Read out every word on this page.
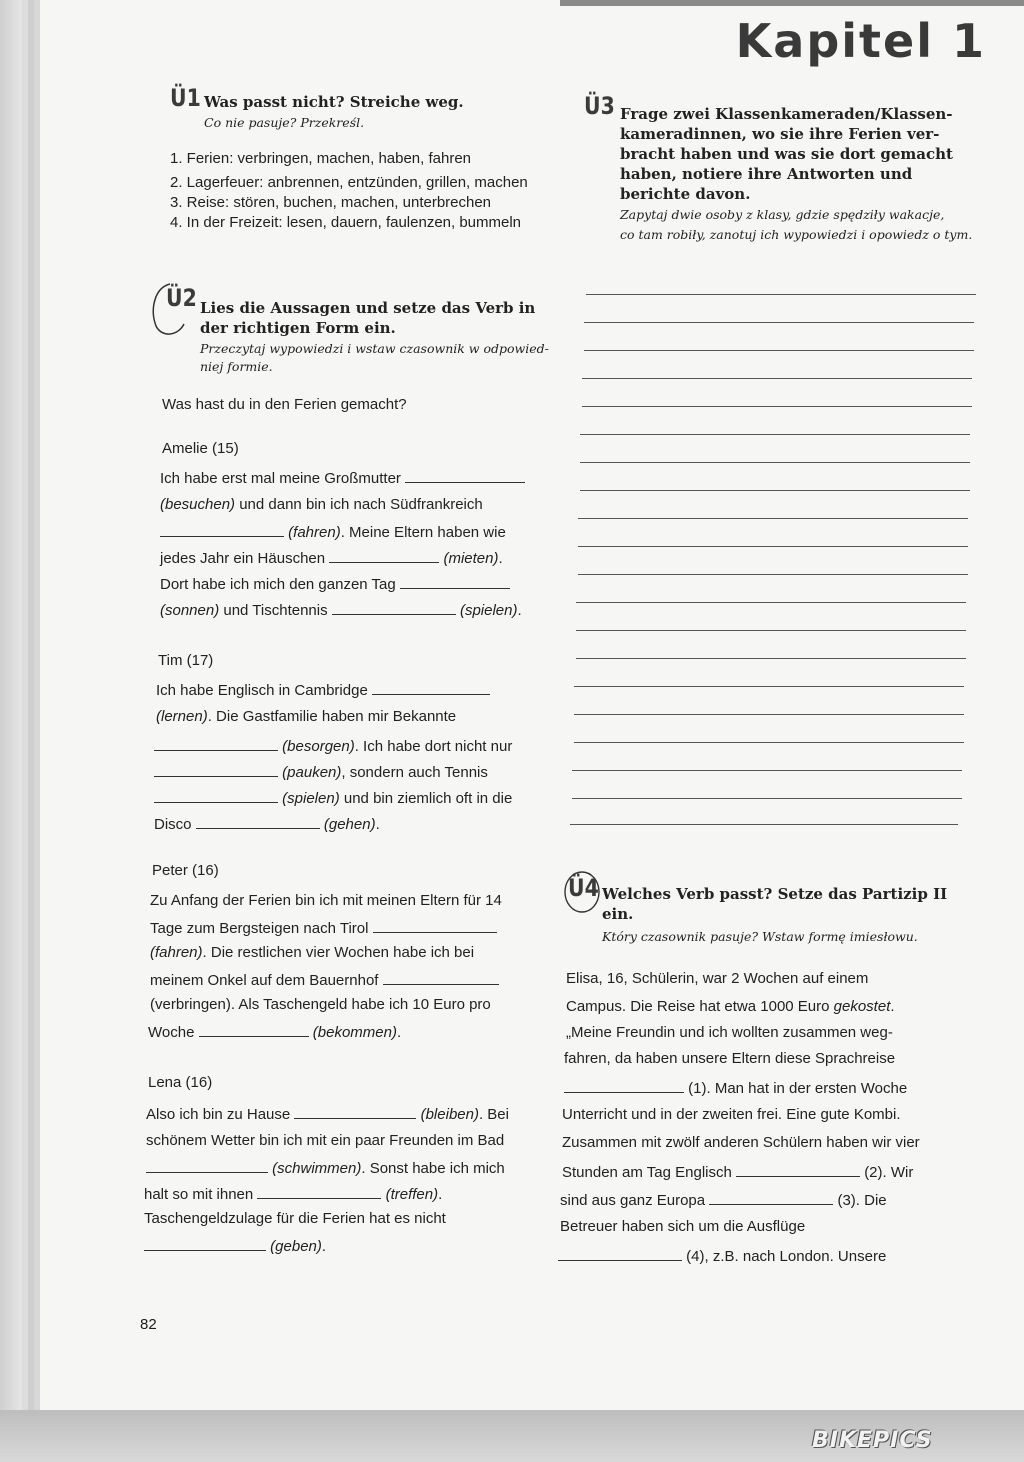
Kapitel 1
Ü1 Was passt nicht? Streiche weg.
Co nie pasuje? Przekreśl.
1. Ferien: verbringen, machen, haben, fahren
2. Lagerfeuer: anbrennen, entzünden, grillen, machen
3. Reise: stören, buchen, machen, unterbrechen
4. In der Freizeit: lesen, dauern, faulenzen, bummeln
Ü2 Lies die Aussagen und setze das Verb in
der richtigen Form ein.
Przeczytaj wypowiedzi i wstaw czasownik w odpowied-
niej formie.
Was hast du in den Ferien gemacht?
Amelie (15)
Ich habe erst mal meine Großmutter
(besuchen) und dann bin ich nach Südfrankreich
(fahren). Meine Eltern haben wie
jedes Jahr ein Häuschen	(mieten).
Dort habe ich mich den ganzen Tag
(sonnen) und Tischtennis	(spielen).
Tim (17)
Ich habe Englisch in Cambridge
(lernen). Die Gastfamilie haben mir Bekannte
(besorgen). Ich habe dort nicht nur
(pauken), sondern auch Tennis
(spielen) und bin ziemlich oft in die
Disco	(gehen).
Peter (16)
Zu Anfang der Ferien bin ich mit meinen Eltern für 14
Tage zum Bergsteigen nach Tirol
(fahren). Die restlichen vier Wochen habe ich bei
meinem Onkel auf dem Bauernhof
(verbringen). Als Taschengeld habe ich 10 Euro pro
Woche	(bekommen).
Lena (16)
Also ich bin zu Hause	(bleiben). Bei
schönem Wetter bin ich mit ein paar Freunden im Bad
(schwimmen). Sonst habe ich mich
halt so mit ihnen	(treffen).
Taschengeldzulage für die Ferien hat es nicht
(geben).
Ü3 Frage zwei Klassenkameraden/Klassen-
kameradinnen, wo sie ihre Ferien ver-
bracht haben und was sie dort gemacht
haben, notiere ihre Antworten und
berichte davon.
Zapytaj dwie osoby z klasy, gdzie spędziły wakacje,
co tam robiły, zanotuj ich wypowiedzi i opowiedz o tym.
Ü4 Welches Verb passt? Setze das Partizip II
ein.
Który czasownik pasuje? Wstaw formę imiesłowu.
Elisa, 16, Schülerin, war 2 Wochen auf einem
Campus. Die Reise hat etwa 1000 Euro gekostet.
„Meine Freundin und ich wollten zusammen weg-
fahren, da haben unsere Eltern diese Sprachreise
(1). Man hat in der ersten Woche
Unterricht und in der zweiten frei. Eine gute Kombi.
Zusammen mit zwölf anderen Schülern haben wir vier
Stunden am Tag Englisch	(2). Wir
sind aus ganz Europa	(3). Die
Betreuer haben sich um die Ausflüge
(4), z.B. nach London. Unsere
82
BIKEPICS
